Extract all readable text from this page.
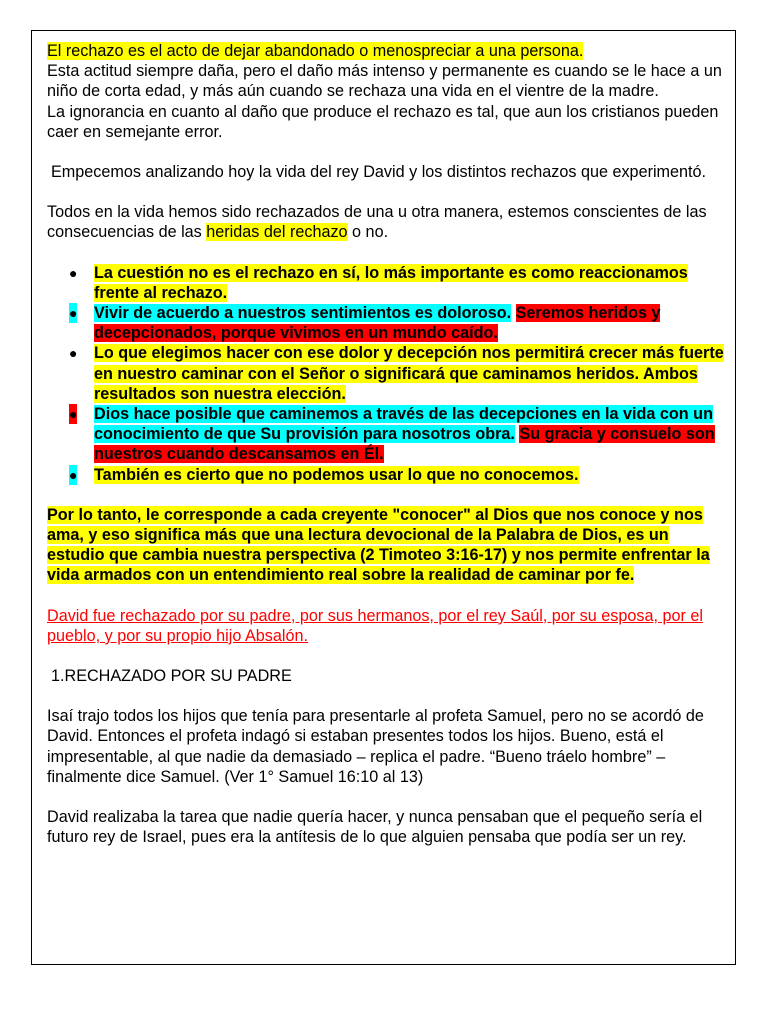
El rechazo es el acto de dejar abandonado o menospreciar a una persona.
Esta actitud siempre daña, pero el daño más intenso y permanente es cuando se le hace a un niño de corta edad, y más aún cuando se rechaza una vida en el vientre de la madre.
La ignorancia en cuanto al daño que produce el rechazo es tal, que aun los cristianos pueden caer en semejante error.

Empecemos analizando hoy la vida del rey David y los distintos rechazos que experimentó.

Todos en la vida hemos sido rechazados de una u otra manera, estemos conscientes de las consecuencias de las heridas del rechazo o no.

● La cuestión no es el rechazo en sí, lo más importante es como reaccionamos frente al rechazo.
● Vivir de acuerdo a nuestros sentimientos es doloroso. Seremos heridos y decepcionados, porque vivimos en un mundo caído.
● Lo que elegimos hacer con ese dolor y decepción nos permitirá crecer más fuerte en nuestro caminar con el Señor o significará que caminamos heridos. Ambos resultados son nuestra elección.
● Dios hace posible que caminemos a través de las decepciones en la vida con un conocimiento de que Su provisión para nosotros obra. Su gracia y consuelo son nuestros cuando descansamos en Él.
● También es cierto que no podemos usar lo que no conocemos.

Por lo tanto, le corresponde a cada creyente "conocer" al Dios que nos conoce y nos ama, y eso significa más que una lectura devocional de la Palabra de Dios, es un estudio que cambia nuestra perspectiva (2 Timoteo 3:16-17) y nos permite enfrentar la vida armados con un entendimiento real sobre la realidad de caminar por fe.

David fue rechazado por su padre, por sus hermanos, por el rey Saúl, por su esposa, por el pueblo, y por su propio hijo Absalón.

1.RECHAZADO POR SU PADRE

Isaí trajo todos los hijos que tenía para presentarle al profeta Samuel, pero no se acordó de David. Entonces el profeta indagó si estaban presentes todos los hijos. Bueno, está el impresentable, al que nadie da demasiado – replica el padre. “Bueno tráelo hombre” – finalmente dice Samuel. (Ver 1° Samuel 16:10 al 13)

David realizaba la tarea que nadie quería hacer, y nunca pensaban que el pequeño sería el futuro rey de Israel, pues era la antítesis de lo que alguien pensaba que podía ser un rey.
